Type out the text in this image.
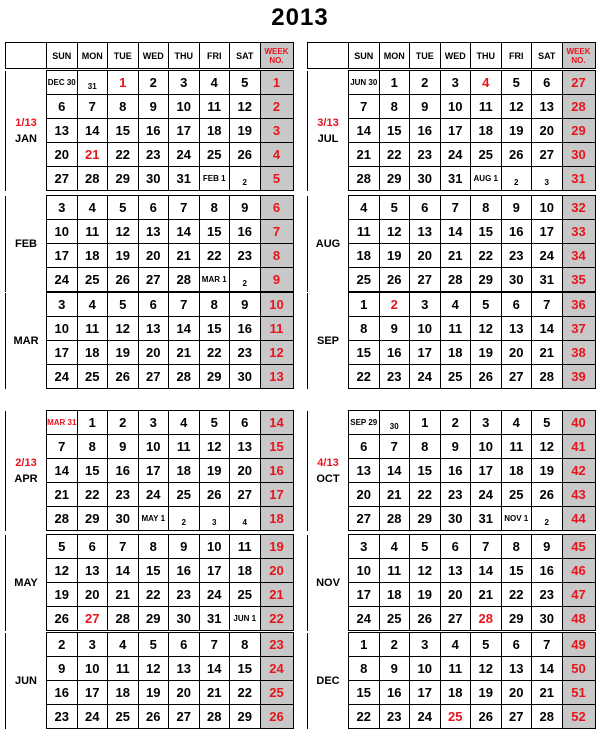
2013
	SUN	MON	TUE	WED	THU	FRI	SAT	WEEK NO.
		SUN	MON	TUE	WED	THU	FRI	SAT	WEEK NO.
1/13
JAN	DEC 30	31	1	2	3	4	5	1
	6	7	8	9	10	11	12	2
	13	14	15	16	17	18	19	3
	20	21	22	23	24	25	26	4
	27	28	29	30	31	FEB 1	2	5
FEB	3	4	5	6	7	8	9	6
	10	11	12	13	14	15	16	7
	17	18	19	20	21	22	23	8
	24	25	26	27	28	MAR 1	2	9
MAR	3	4	5	6	7	8	9	10
	10	11	12	13	14	15	16	11
	17	18	19	20	21	22	23	12
	24	25	26	27	28	29	30	13
3/13
JUL	JUN 30	1	2	3	4	5	6	27
	7	8	9	10	11	12	13	28
	14	15	16	17	18	19	20	29
	21	22	23	24	25	26	27	30
	28	29	30	31	AUG 1	2	3	31
AUG	4	5	6	7	8	9	10	32
	11	12	13	14	15	16	17	33
	18	19	20	21	22	23	24	34
	25	26	27	28	29	30	31	35
SEP	1	2	3	4	5	6	7	36
	8	9	10	11	12	13	14	37
	15	16	17	18	19	20	21	38
	22	23	24	25	26	27	28	39
2/13
APR	MAR 31	1	2	3	4	5	6	14
	7	8	9	10	11	12	13	15
	14	15	16	17	18	19	20	16
	21	22	23	24	25	26	27	17
	28	29	30	MAY 1	2	3	4	18
MAY	5	6	7	8	9	10	11	19
	12	13	14	15	16	17	18	20
	19	20	21	22	23	24	25	21
	26	27	28	29	30	31	JUN 1	22
JUN	2	3	4	5	6	7	8	23
	9	10	11	12	13	14	15	24
	16	17	18	19	20	21	22	25
	23	24	25	26	27	28	29	26
4/13
OCT	SEP 29	30	1	2	3	4	5	40
	6	7	8	9	10	11	12	41
	13	14	15	16	17	18	19	42
	20	21	22	23	24	25	26	43
	27	28	29	30	31	NOV 1	2	44
NOV	3	4	5	6	7	8	9	45
	10	11	12	13	14	15	16	46
	17	18	19	20	21	22	23	47
	24	25	26	27	28	29	30	48
DEC	1	2	3	4	5	6	7	49
	8	9	10	11	12	13	14	50
	15	16	17	18	19	20	21	51
	22	23	24	25	26	27	28	52
